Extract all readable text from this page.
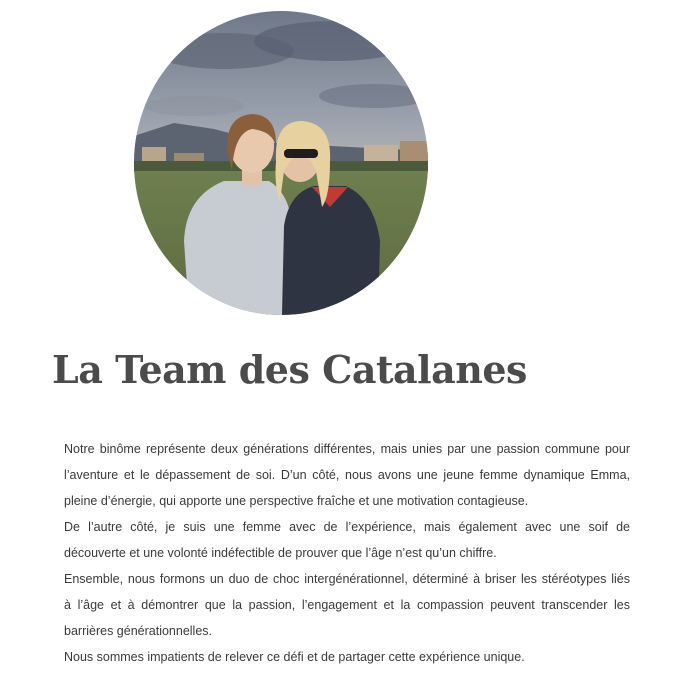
La Team des Catalanes
Notre binôme représente deux générations différentes, mais unies par une passion commune pour
l’aventure et le dépassement de soi. D’un côté, nous avons une jeune femme dynamique Emma,
pleine d’énergie, qui apporte une perspective fraîche et une motivation contagieuse.
De l’autre côté, je suis une femme avec de l’expérience, mais également avec une soif de
découverte et une volonté indéfectible de prouver que l’âge n’est qu’un chiffre.
Ensemble, nous formons un duo de choc intergénérationnel, déterminé à briser les stéréotypes liés
à l’âge et à démontrer que la passion, l’engagement et la compassion peuvent transcender les
barrières générationnelles.
Nous sommes impatients de relever ce défi et de partager cette expérience unique.
